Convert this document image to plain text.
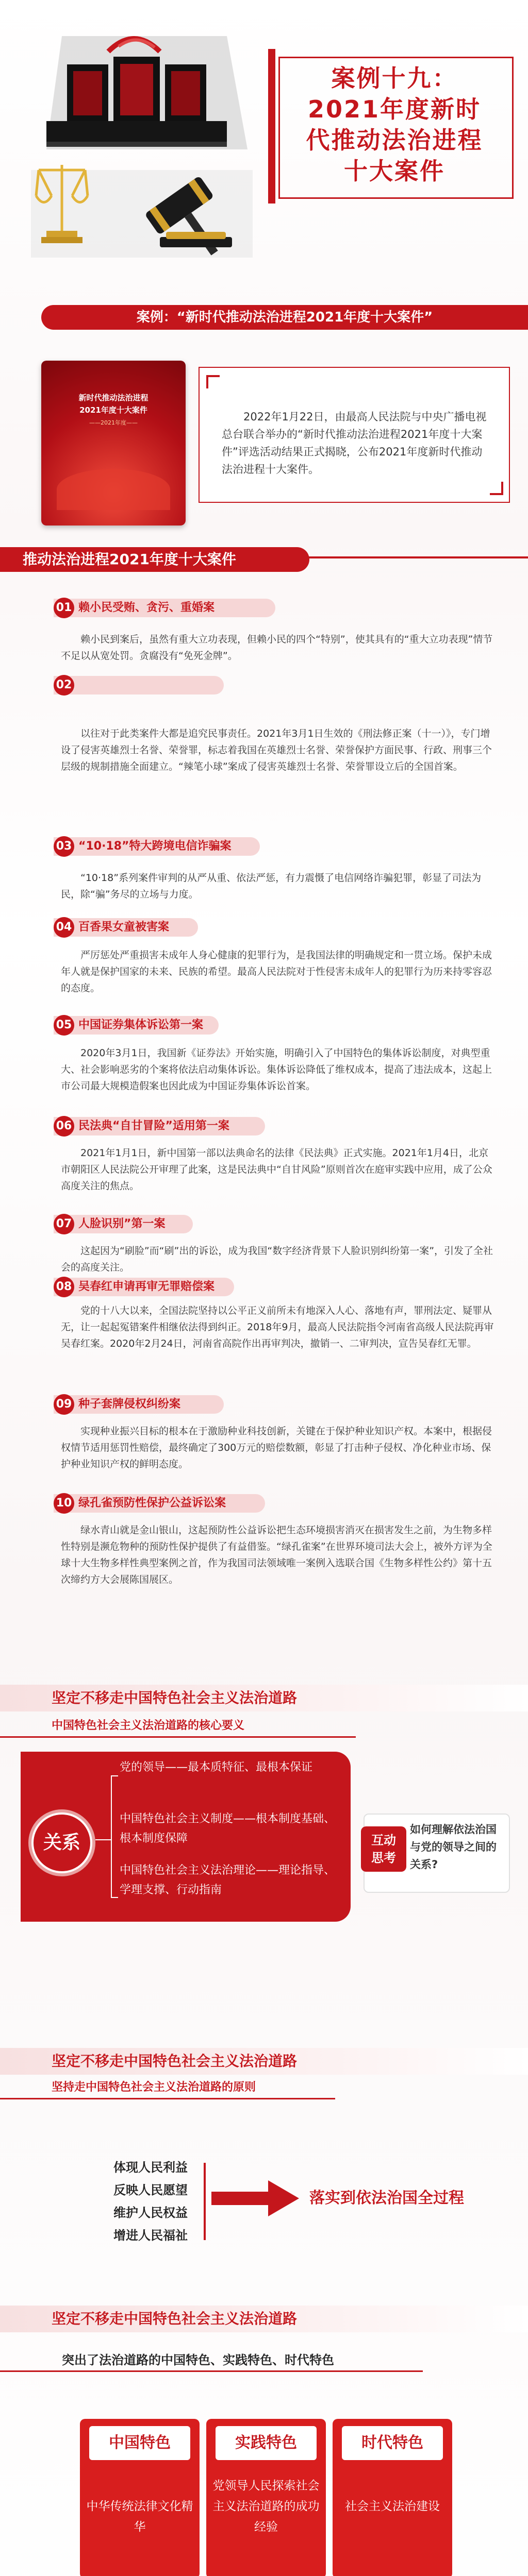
案例十九：
2021年度新时
代推动法治进程
十大案件
案例：“新时代推动法治进程2021年度十大案件”
新时代推动法治进程
2021年度十大案件
——2021年度——	2022年1月22日，由最高人民法院与中央广播电视总台联合举办的“新时代推动法治进程2021年度十大案件”评选活动结果正式揭晓，公布2021年度新时代推动法治进程十大案件。
推动法治进程2021年度十大案件
01 赖小民受贿、贪污、重婚案
赖小民到案后，虽然有重大立功表现，但赖小民的四个“特别”，使其具有的“重大立功表现”情节不足以从宽处罚。贪腐没有“免死金牌”。
02
以往对于此类案件大都是追究民事责任。2021年3月1日生效的《刑法修正案（十一）》，专门增设了侵害英雄烈士名誉、荣誉罪，标志着我国在英雄烈士名誉、荣誉保护方面民事、行政、刑事三个层级的规制措施全面建立。“辣笔小球”案成了侵害英雄烈士名誉、荣誉罪设立后的全国首案。
03 “10·18”特大跨境电信诈骗案
“10·18”系列案件审判的从严从重、依法严惩，有力震慑了电信网络诈骗犯罪，彰显了司法为民，除“骗”务尽的立场与力度。
04 百香果女童被害案
严厉惩处严重损害未成年人身心健康的犯罪行为，是我国法律的明确规定和一贯立场。保护未成年人就是保护国家的未来、民族的希望。最高人民法院对于性侵害未成年人的犯罪行为历来持零容忍的态度。
05 中国证券集体诉讼第一案
2020年3月1日，我国新《证券法》开始实施，明确引入了中国特色的集体诉讼制度，对典型重大、社会影响恶劣的个案将依法启动集体诉讼。集体诉讼降低了维权成本，提高了违法成本，这起上市公司最大规模造假案也因此成为中国证券集体诉讼首案。
06 民法典“自甘冒险”适用第一案
2021年1月1日，新中国第一部以法典命名的法律《民法典》正式实施。2021年1月4日，北京市朝阳区人民法院公开审理了此案，这是民法典中“自甘风险”原则首次在庭审实践中应用，成了公众高度关注的焦点。
07 人脸识别”第一案
这起因为“刷脸”而“刷”出的诉讼，成为我国“数字经济背景下人脸识别纠纷第一案”，引发了全社会的高度关注。
08 吴春红申请再审无罪赔偿案
党的十八大以来，全国法院坚持以公平正义前所未有地深入人心、落地有声，罪刑法定、疑罪从无，让一起起冤错案件相继依法得到纠正。2018年9月，最高人民法院指令河南省高级人民法院再审吴春红案。2020年2月24日，河南省高院作出再审判决，撤销一、二审判决，宣告吴春红无罪。
09 种子套牌侵权纠纷案
实现种业振兴目标的根本在于激励种业科技创新，关键在于保护种业知识产权。本案中，根据侵权情节适用惩罚性赔偿，最终确定了300万元的赔偿数额，彰显了打击种子侵权、净化种业市场、保护种业知识产权的鲜明态度。
10 绿孔雀预防性保护公益诉讼案
绿水青山就是金山银山，这起预防性公益诉讼把生态环境损害消灭在损害发生之前，为生物多样性特别是濒危物种的预防性保护提供了有益借鉴。“绿孔雀案”在世界环境司法大会上，被外方评为全球十大生物多样性典型案例之首，作为我国司法领域唯一案例入选联合国《生物多样性公约》第十五次缔约方大会展陈国展区。
坚定不移走中国特色社会主义法治道路
中国特色社会主义法治道路的核心要义
关系
党的领导——最本质特征、最根本保证
中国特色社会主义制度——根本制度基础、根本制度保障
中国特色社会主义法治理论——理论指导、学理支撑、行动指南
互动
思考
如何理解依法治国与党的领导之间的关系?
坚定不移走中国特色社会主义法治道路
坚持走中国特色社会主义法治道路的原则
体现人民利益
反映人民愿望
维护人民权益
增进人民福祉
落实到依法治国全过程
坚定不移走中国特色社会主义法治道路
突出了法治道路的中国特色、实践特色、时代特色
中国特色
中华传统法律文化精华
实践特色
党领导人民探索社会主义法治道路的成功经验
时代特色
社会主义法治建设
